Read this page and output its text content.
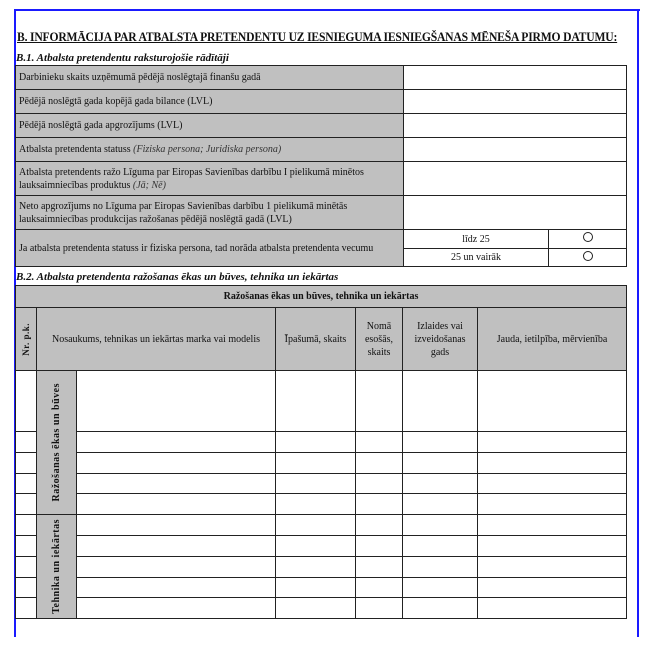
B. INFORMĀCIJA PAR ATBALSTA PRETENDENTU UZ IESNIEGUMA IESNIEGŠANAS MĒNEŠA PIRMO DATUMU:
B.1. Atbalsta pretendentu raksturojošie rādītāji
Darbinieku skaits uzņēmumā pēdējā noslēgtajā finanšu gadā		
Pēdējā noslēgtā gada kopējā gada bilance (LVL)		
Pēdējā noslēgtā gada apgrozījums (LVL)		
Atbalsta pretendenta statuss (Fiziska persona; Juridiska persona)		
Atbalsta pretendents ražo Līguma par Eiropas Savienības darbību I pielikumā minētos lauksaimniecības produktus (Jā; Nē)		
Neto apgrozījums no Līguma par Eiropas Savienības darbību 1 pielikumā minētās lauksaimniecības produkcijas ražošanas pēdējā noslēgtā gadā (LVL)		
Ja atbalsta pretendenta statuss ir fiziska persona, tad norāda atbalsta pretendenta vecumu	līdz 25	
	25 un vairāk	
B.2. Atbalsta pretendenta ražošanas ēkas un būves, tehnika un iekārtas
Ražošanas ēkas un būves, tehnika un iekārtas						

Nr. p.k.	Nosaukums, tehnikas un iekārtas marka vai modelis		Īpašumā, skaits	Nomā esošās, skaits	Izlaides vai izveidošanas gads	Jauda, ietilpība, mērvienība

	Ražošanas ēkas un būves					

	Tehnika un iekārtas					
